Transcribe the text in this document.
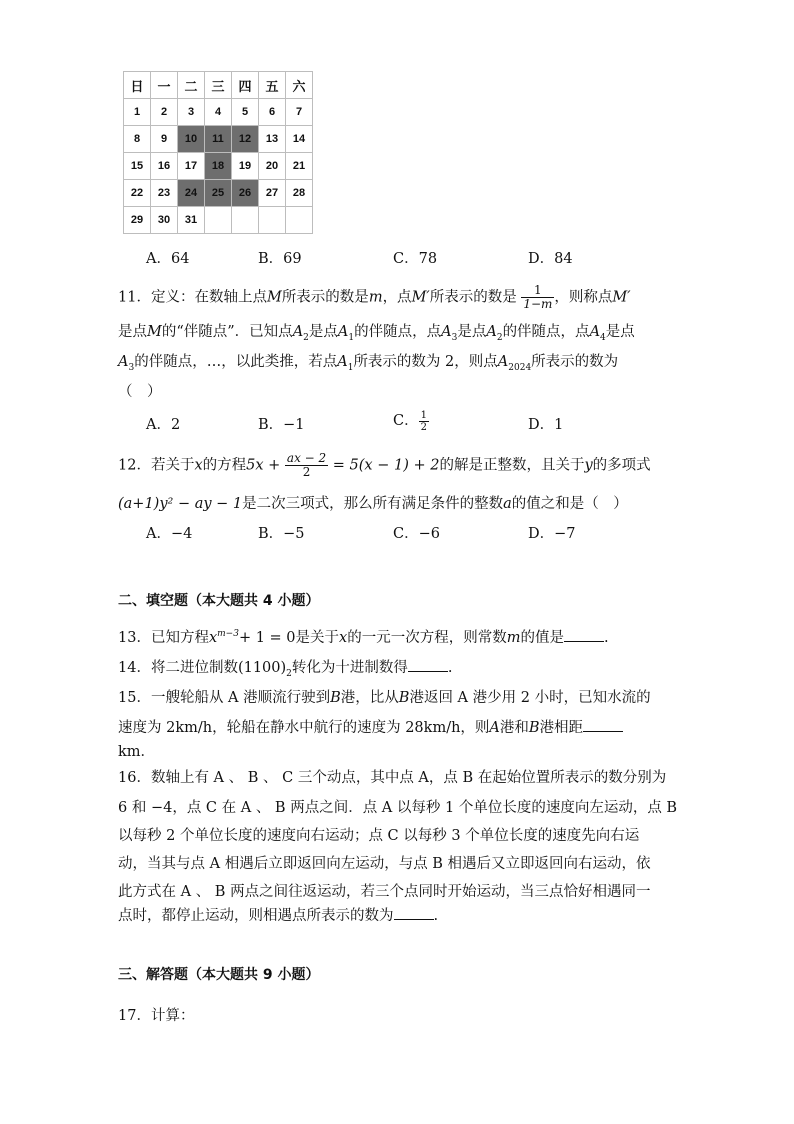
日	一	二	三	四	五	六
1	2	3	4	5	6	7
8	9	10	11	12	13	14
15	16	17	18	19	20	21
22	23	24	25	26	27	28
29	30	31				
A．64	B．69	C．78	D．84
11．定义：在数轴上点M所表示的数是m，点M′所表示的数是 $\frac{1}{1-m}$ ，则称点M′
是点M的“伴随点”．已知点$A_2$是点$A_1$的伴随点，点$A_3$是点$A_2$的伴随点，点$A_4$是点
$A_3$的伴随点，…，以此类推，若点$A_1$所表示的数为 2，则点$A_{2024}$所表示的数为
（　）
A．2	B．−1	C． $\frac{1}{2}$	D．1
12．若关于x的方程$5x + \frac{ax - 2}{2} = 5(x - 1) + 2$的解是正整数，且关于y的多项式
(a+1)y² − ay − 1是二次三项式，那么所有满足条件的整数a的值之和是（　）
A．−4	B．−5	C．−6	D．−7
二、填空题（本大题共 4 小题）
13．已知方程$x^{m-3}+ 1 = 0$是关于x的一元一次方程，则常数m的值是	.
14．将二进位制数$(1100)_2$转化为十进制数得	.
15．一艘轮船从 A 港顺流行驶到B港，比从B港返回 A 港少用 2 小时，已知水流的
速度为 2km/h，轮船在静水中航行的速度为 28km/h，则A港和B港相距
km．
16．数轴上有 A 、 B 、 C 三个动点，其中点 A，点 B 在起始位置所表示的数分别为
6 和 −4，点 C 在 A 、 B 两点之间．点 A 以每秒 1 个单位长度的速度向左运动，点 B
以每秒 2 个单位长度的速度向右运动；点 C 以每秒 3 个单位长度的速度先向右运
动，当其与点 A 相遇后立即返回向左运动，与点 B 相遇后又立即返回向右运动，依
此方式在 A 、 B 两点之间往返运动，若三个点同时开始运动，当三点恰好相遇同一
点时，都停止运动，则相遇点所表示的数为	.
三、解答题（本大题共 9 小题）
17．计算：
